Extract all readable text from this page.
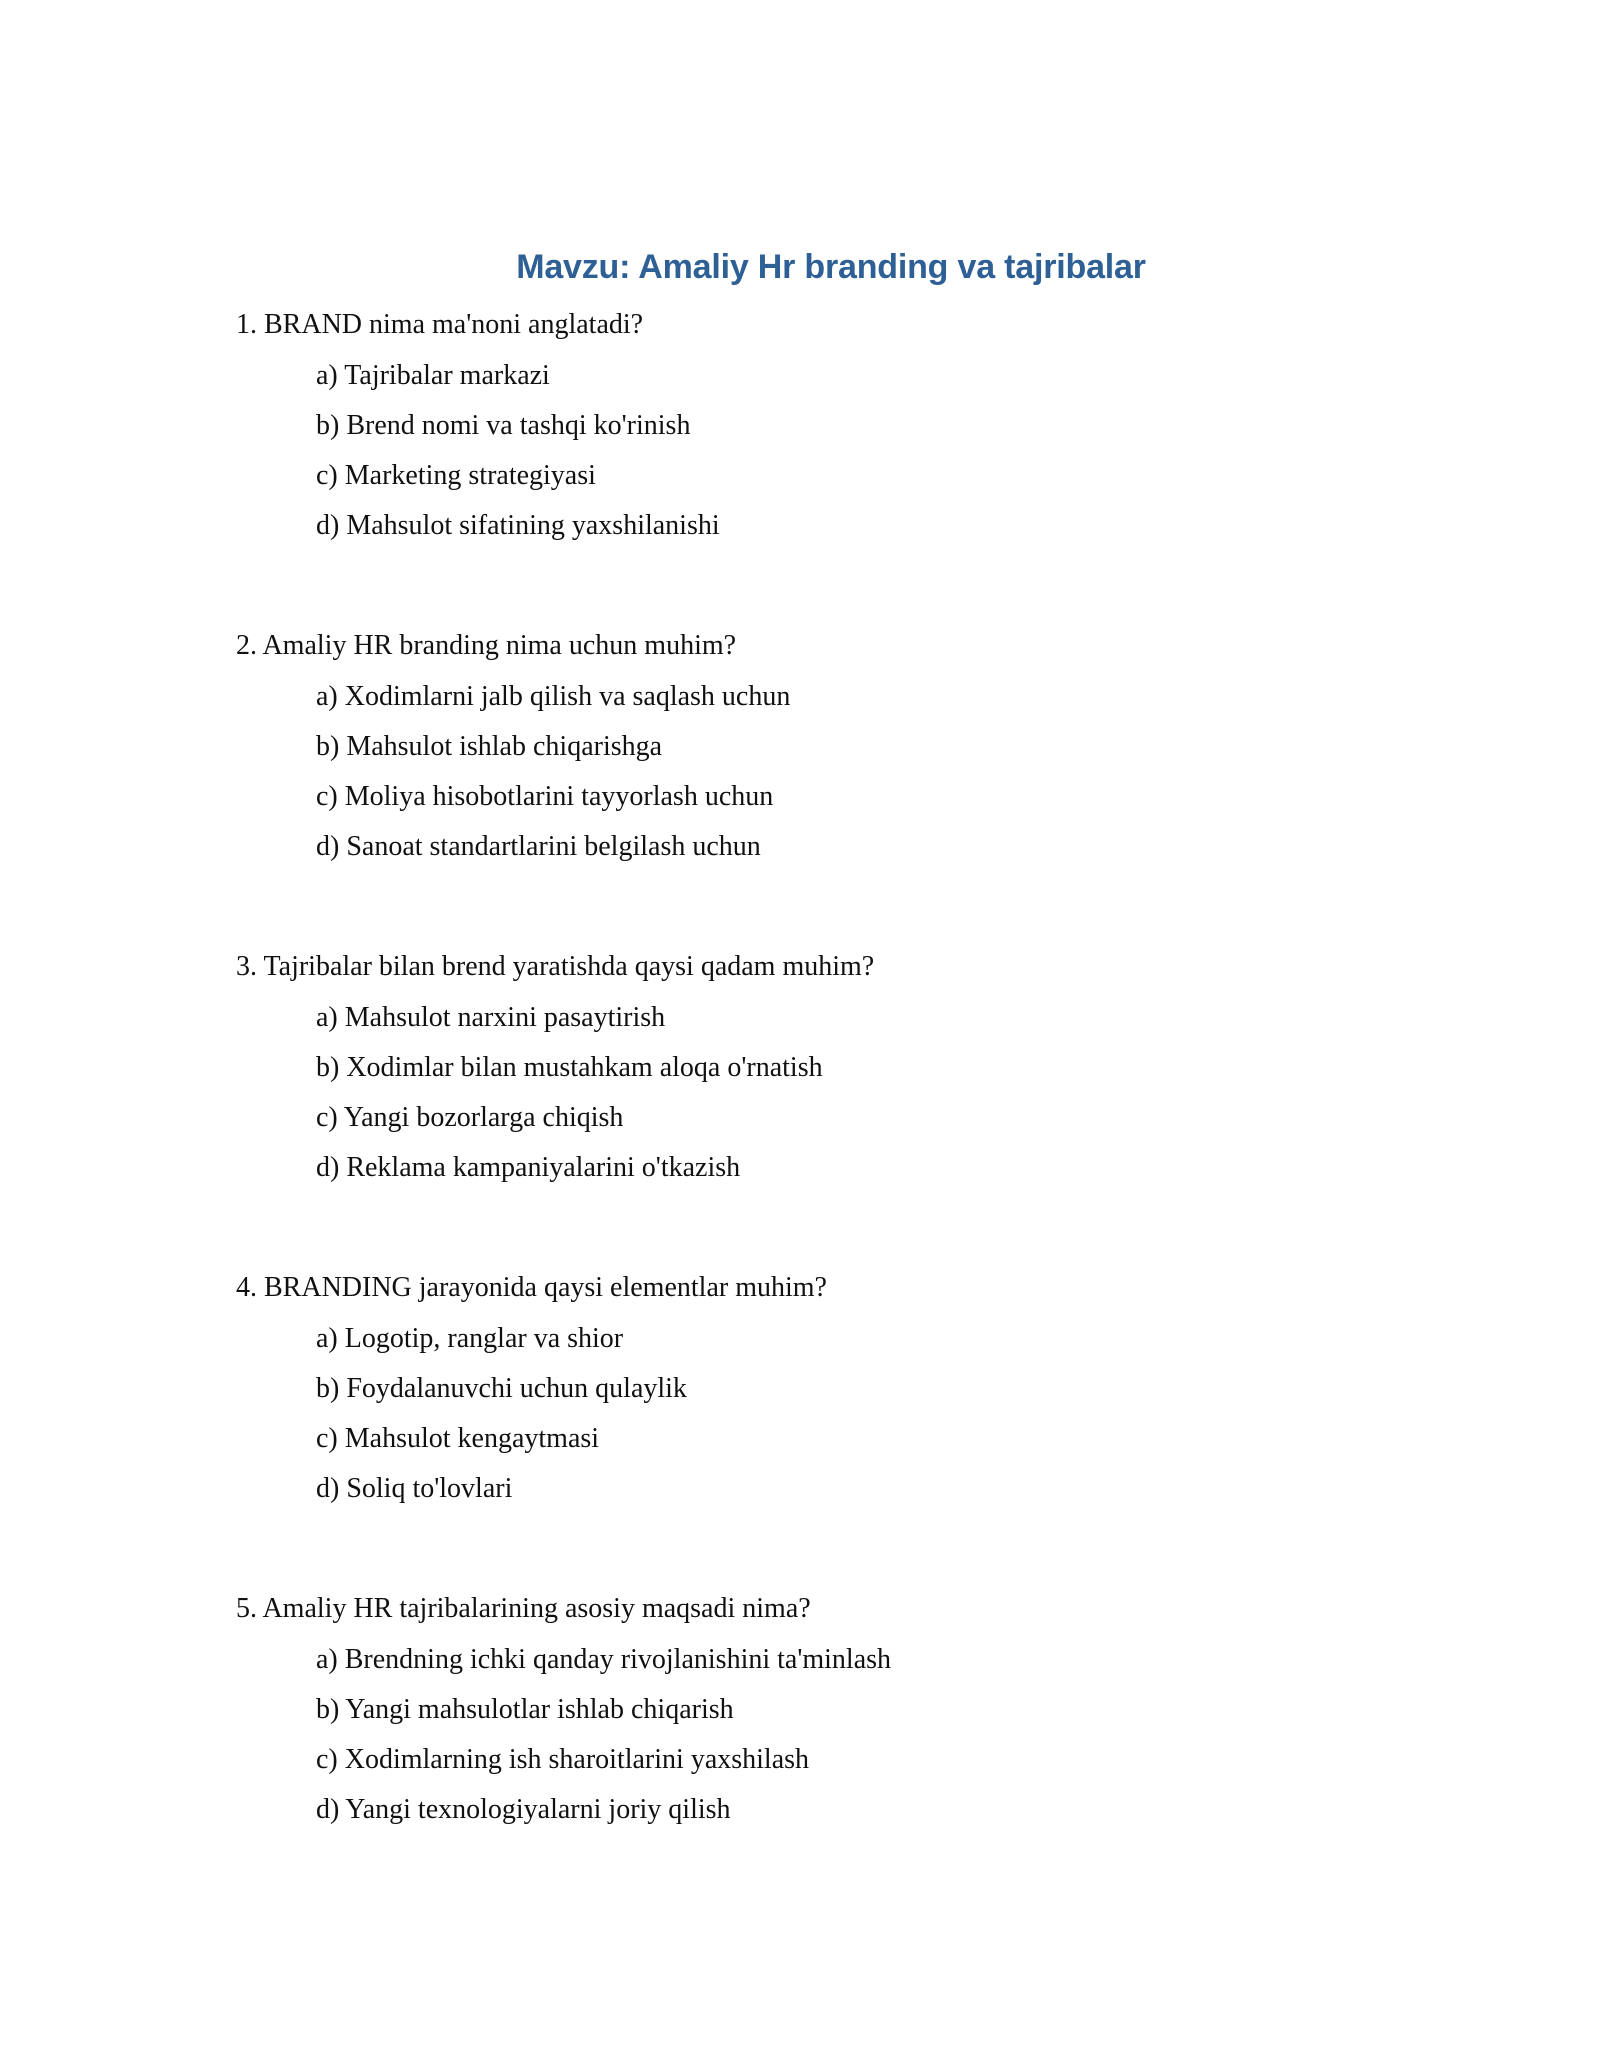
Mavzu: Amaliy Hr branding va tajribalar

1. BRAND nima ma'noni anglatadi?

a) Tajribalar markazi

b) Brend nomi va tashqi ko'rinish

c) Marketing strategiyasi

d) Mahsulot sifatining yaxshilanishi

2. Amaliy HR branding nima uchun muhim?

a) Xodimlarni jalb qilish va saqlash uchun

b) Mahsulot ishlab chiqarishga

c) Moliya hisobotlarini tayyorlash uchun

d) Sanoat standartlarini belgilash uchun

3. Tajribalar bilan brend yaratishda qaysi qadam muhim?

a) Mahsulot narxini pasaytirish

b) Xodimlar bilan mustahkam aloqa o'rnatish

c) Yangi bozorlarga chiqish

d) Reklama kampaniyalarini o'tkazish

4. BRANDING jarayonida qaysi elementlar muhim?

a) Logotip, ranglar va shior

b) Foydalanuvchi uchun qulaylik

c) Mahsulot kengaytmasi

d) Soliq to'lovlari

5. Amaliy HR tajribalarining asosiy maqsadi nima?

a) Brendning ichki qanday rivojlanishini ta'minlash

b) Yangi mahsulotlar ishlab chiqarish

c) Xodimlarning ish sharoitlarini yaxshilash

d) Yangi texnologiyalarni joriy qilish
